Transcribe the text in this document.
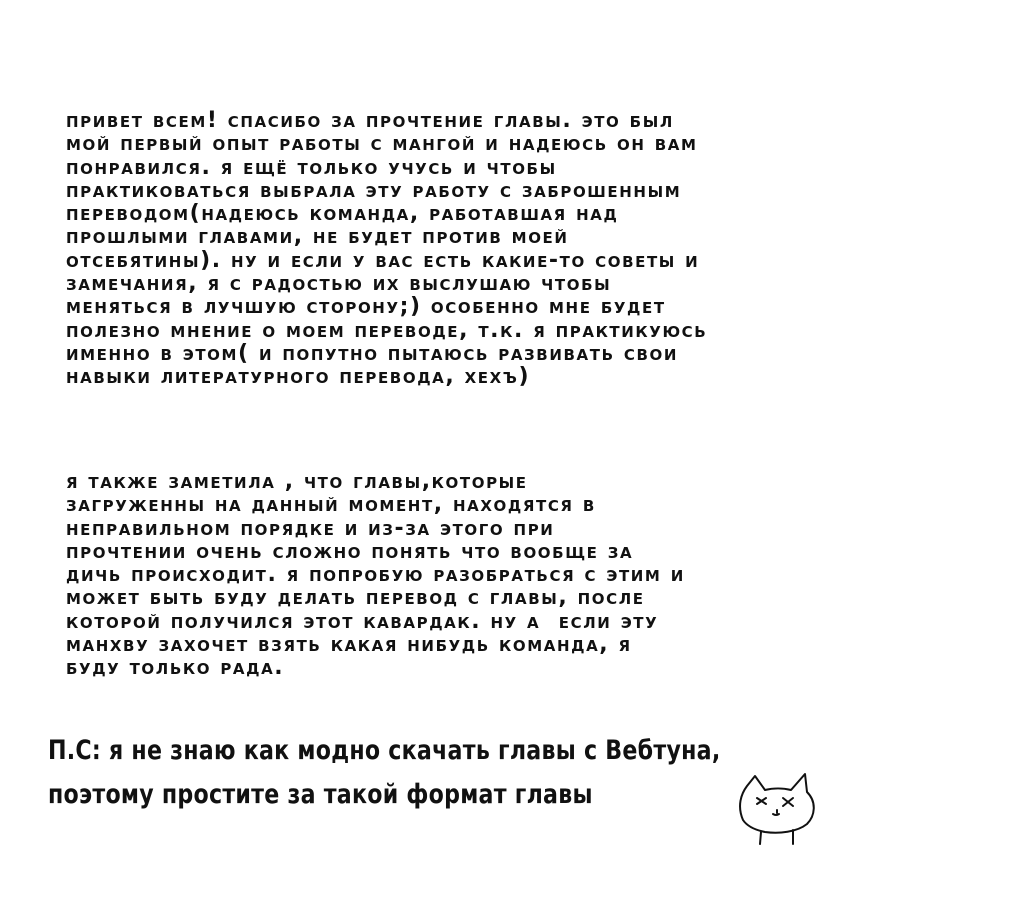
привет всем! спасибо за прочтение главы. это был
мой первый опыт работы с мангой и надеюсь он вам
понравился. я ещё только учусь и чтобы
практиковаться выбрала эту работу с заброшенным
переводом(надеюсь команда, работавшая над
прошлыми главами, не будет против моей
отсебятины). ну и если у вас есть какие-то советы и
замечания, я с радостью их выслушаю чтобы
меняться в лучшую сторону;) особенно мне будет
полезно мнение о моем переводе, т.к. я практикуюсь
именно в этом( и попутно пытаюсь развивать свои
навыки литературного перевода, хехъ)
я также заметила , что главы,которые
загруженны на данный момент, находятся в
неправильном порядке и из-за этого при
прочтении очень сложно понять что вообще за
дичь происходит. я попробую разобраться с этим и
может быть буду делать перевод с главы, после
которой получился этот кавардак. ну а  если эту
манхву захочет взять какая нибудь команда, я
буду только рада.
П.С: я не знаю как модно скачать главы с Вебтуна,
поэтому простите за такой формат главы
